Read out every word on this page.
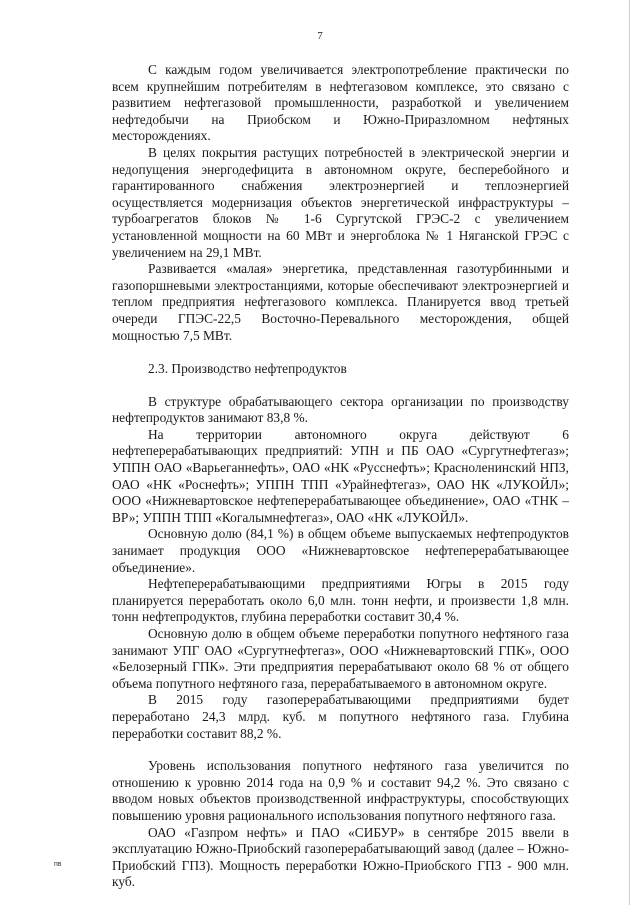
7

С каждым годом увеличивается электропотребление практически по всем крупнейшим потребителям в нефтегазовом комплексе, это связано с развитием нефтегазовой промышленности, разработкой и увеличением нефтедобычи на Приобском и Южно-Приразломном нефтяных месторождениях.

В целях покрытия растущих потребностей в электрической энергии и недопущения энергодефицита в автономном округе, бесперебойного и гарантированного снабжения электроэнергией и теплоэнергией осуществляется модернизация объектов энергетической инфраструктуры – турбоагрегатов блоков № 1-6 Сургутской ГРЭС-2 с увеличением установленной мощности на 60 МВт и энергоблока № 1 Няганской ГРЭС с увеличением на 29,1 МВт.

Развивается «малая» энергетика, представленная газотурбинными и газопоршневыми электростанциями, которые обеспечивают электроэнергией и теплом предприятия нефтегазового комплекса. Планируется ввод третьей очереди ГПЭС-22,5 Восточно-Перевального месторождения, общей мощностью 7,5 МВт.

2.3. Производство нефтепродуктов

В структуре обрабатывающего сектора организации по производству нефтепродуктов занимают 83,8 %.

На территории автономного округа действуют 6 нефтеперерабатывающих предприятий: УПН и ПБ ОАО «Сургутнефтегаз»; УППН ОАО «Варьеганнефть», ОАО «НК «Русснефть»; Красноленинский НПЗ, ОАО «НК «Роснефть»; УППН ТПП «Урайнефтегаз», ОАО НК «ЛУКОЙЛ»; ООО «Нижневартовское нефтеперерабатывающее объединение», ОАО «ТНК – ВР»; УППН ТПП «Когалымнефтегаз», ОАО «НК «ЛУКОЙЛ».

Основную долю (84,1 %) в общем объеме выпускаемых нефтепродуктов занимает продукция ООО «Нижневартовское нефтеперерабатывающее объединение».

Нефтеперерабатывающими предприятиями Югры в 2015 году планируется переработать около 6,0 млн. тонн нефти, и произвести 1,8 млн. тонн нефтепродуктов, глубина переработки составит 30,4 %.

Основную долю в общем объеме переработки попутного нефтяного газа занимают УПГ ОАО «Сургутнефтегаз», ООО «Нижневартовский ГПК», ООО «Белозерный ГПК». Эти предприятия перерабатывают около 68 % от общего объема попутного нефтяного газа, перерабатываемого в автономном округе.

В 2015 году газоперерабатывающими предприятиями будет переработано 24,3 млрд. куб. м попутного нефтяного газа. Глубина переработки составит 88,2 %.

Уровень использования попутного нефтяного газа увеличится по отношению к уровню 2014 года на 0,9 % и составит 94,2 %. Это связано с вводом новых объектов производственной инфраструктуры, способствующих повышению уровня рационального использования попутного нефтяного газа.

ОАО «Газпром нефть» и ПАО «СИБУР» в сентябре 2015 ввели в эксплуатацию Южно-Приобский газоперерабатывающий завод (далее – Южно-Приобский ГПЗ). Мощность переработки Южно-Приобского ГПЗ - 900 млн. куб.

пв
